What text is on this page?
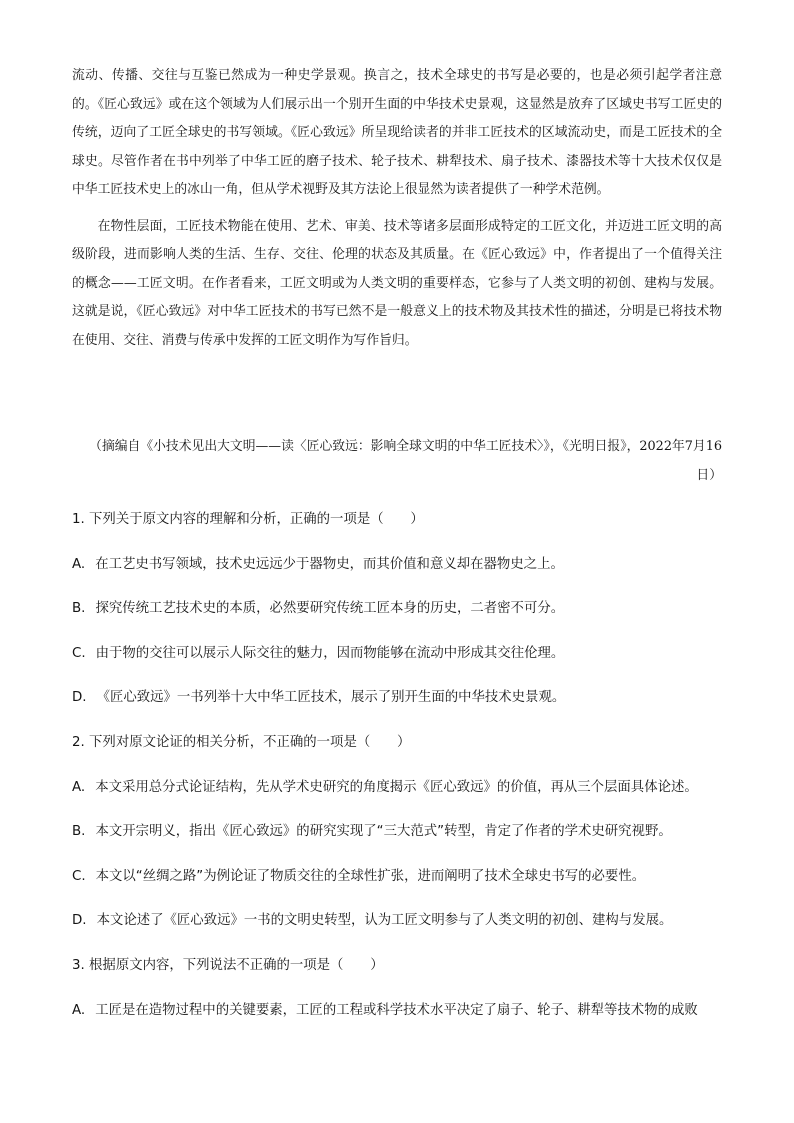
流动、传播、交往与互鉴已然成为一种史学景观。换言之，技术全球史的书写是必要的，也是必须引起学者注意的。《匠心致远》或在这个领域为人们展示出一个别开生面的中华技术史景观，这显然是放弃了区域史书写工匠史的传统，迈向了工匠全球史的书写领域。《匠心致远》所呈现给读者的并非工匠技术的区域流动史，而是工匠技术的全球史。尽管作者在书中列举了中华工匠的磨子技术、轮子技术、耕犁技术、扇子技术、漆器技术等十大技术仅仅是中华工匠技术史上的冰山一角，但从学术视野及其方法论上很显然为读者提供了一种学术范例。

在物性层面，工匠技术物能在使用、艺术、审美、技术等诸多层面形成特定的工匠文化，并迈进工匠文明的高级阶段，进而影响人类的生活、生存、交往、伦理的状态及其质量。在《匠心致远》中，作者提出了一个值得关注的概念——工匠文明。在作者看来，工匠文明或为人类文明的重要样态，它参与了人类文明的初创、建构与发展。这就是说，《匠心致远》对中华工匠技术的书写已然不是一般意义上的技术物及其技术性的描述，分明是已将技术物在使用、交往、消费与传承中发挥的工匠文明作为写作旨归。

（摘编自《小技术见出大文明——读〈匠心致远：影响全球文明的中华工匠技术〉》，《光明日报》，2022年7月16日）
1. 下列关于原文内容的理解和分析，正确的一项是（　　）
A. 在工艺史书写领域，技术史远远少于器物史，而其价值和意义却在器物史之上。
B. 探究传统工艺技术史的本质，必然要研究传统工匠本身的历史，二者密不可分。
C. 由于物的交往可以展示人际交往的魅力，因而物能够在流动中形成其交往伦理。
D. 《匠心致远》一书列举十大中华工匠技术，展示了别开生面的中华技术史景观。
2. 下列对原文论证的相关分析，不正确的一项是（　　）
A. 本文采用总分式论证结构，先从学术史研究的角度揭示《匠心致远》的价值，再从三个层面具体论述。
B. 本文开宗明义，指出《匠心致远》的研究实现了“三大范式”转型，肯定了作者的学术史研究视野。
C. 本文以“丝绸之路”为例论证了物质交往的全球性扩张，进而阐明了技术全球史书写的必要性。
D. 本文论述了《匠心致远》一书的文明史转型，认为工匠文明参与了人类文明的初创、建构与发展。
3. 根据原文内容，下列说法不正确的一项是（　　）
A. 工匠是在造物过程中的关键要素，工匠的工程或科学技术水平决定了扇子、轮子、耕犁等技术物的成败
